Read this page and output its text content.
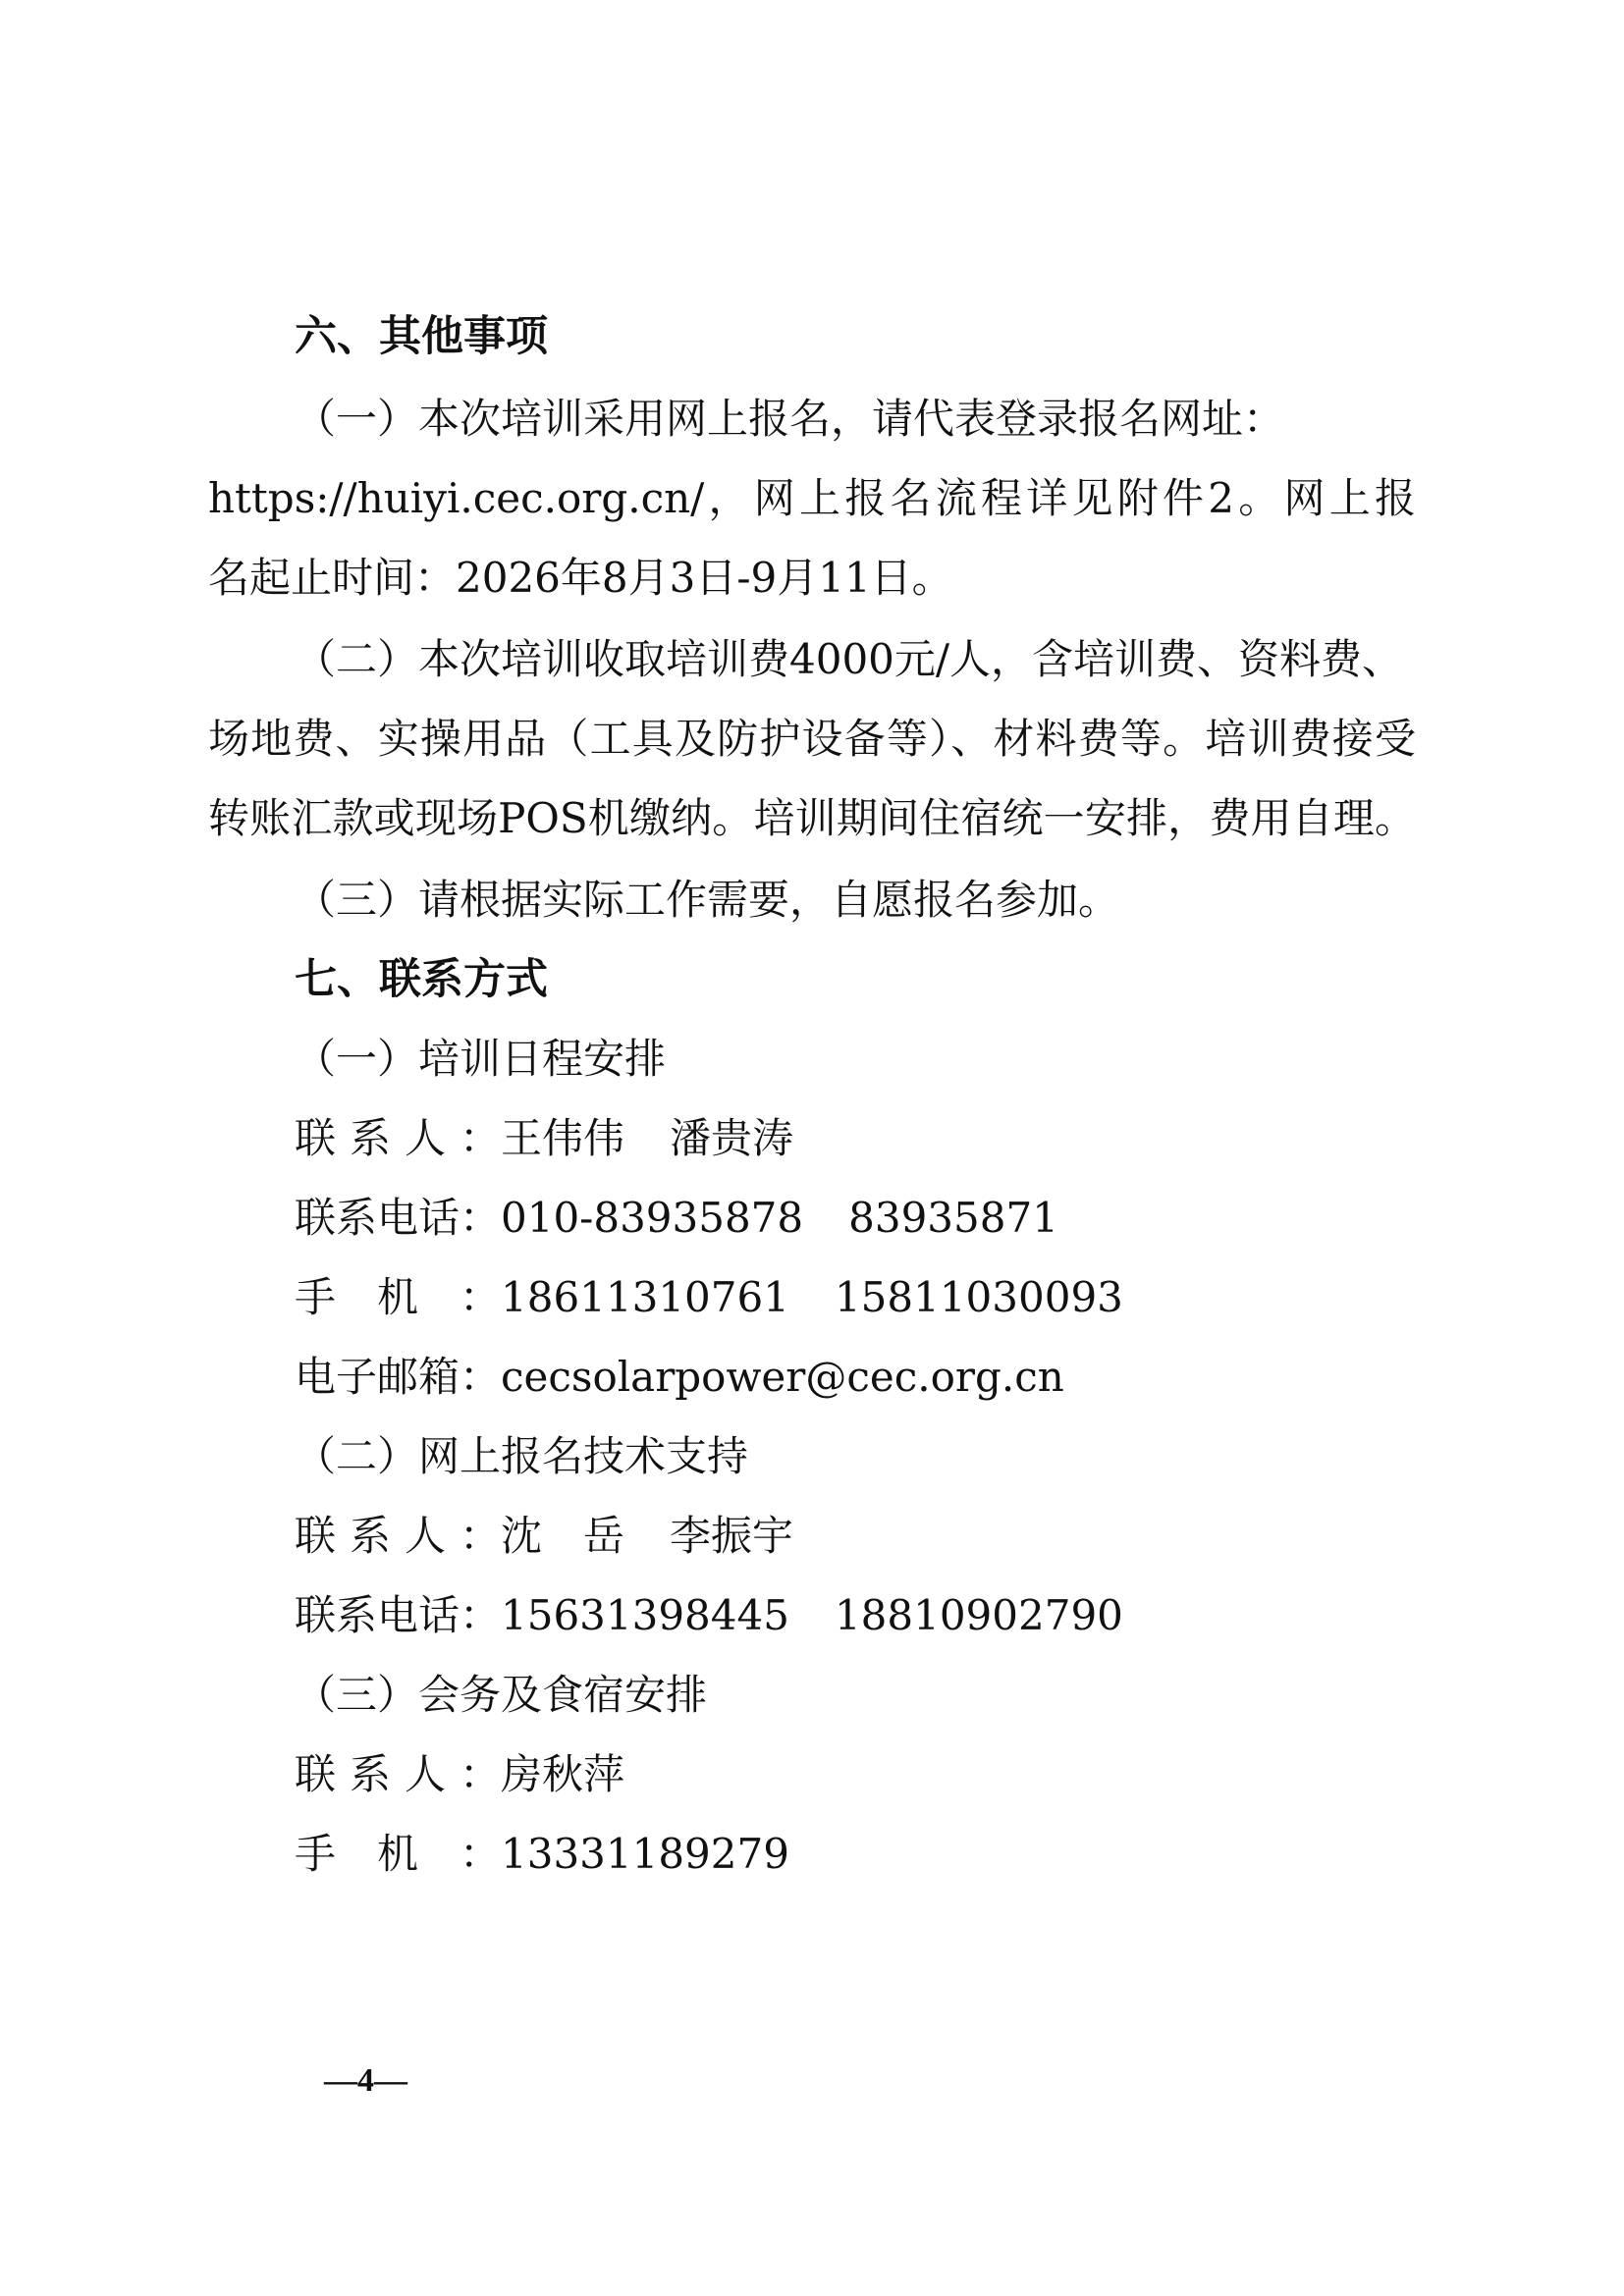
六、其他事项
（一）本次培训采用网上报名，请代表登录报名网址：
https://huiyi.cec.org.cn/，网上报名流程详见附件2。网上报
名起止时间：2026年8月3日-9月11日。
（二）本次培训收取培训费4000元/人，含培训费、资料费、
场地费、实操用品（工具及防护设备等）、材料费等。培训费接受
转账汇款或现场POS机缴纳。培训期间住宿统一安排，费用自理。
（三）请根据实际工作需要，自愿报名参加。
七、联系方式
（一）培训日程安排
联系人：王伟伟 潘贵涛
联系电话：010-83935878 83935871
手机：18611310761 15811030093
电子邮箱：cecsolarpower@cec.org.cn
（二）网上报名技术支持
联系人：沈　岳 李振宇
联系电话：15631398445 18810902790
（三）会务及食宿安排
联系人：房秋萍
手机：13331189279
—4—
